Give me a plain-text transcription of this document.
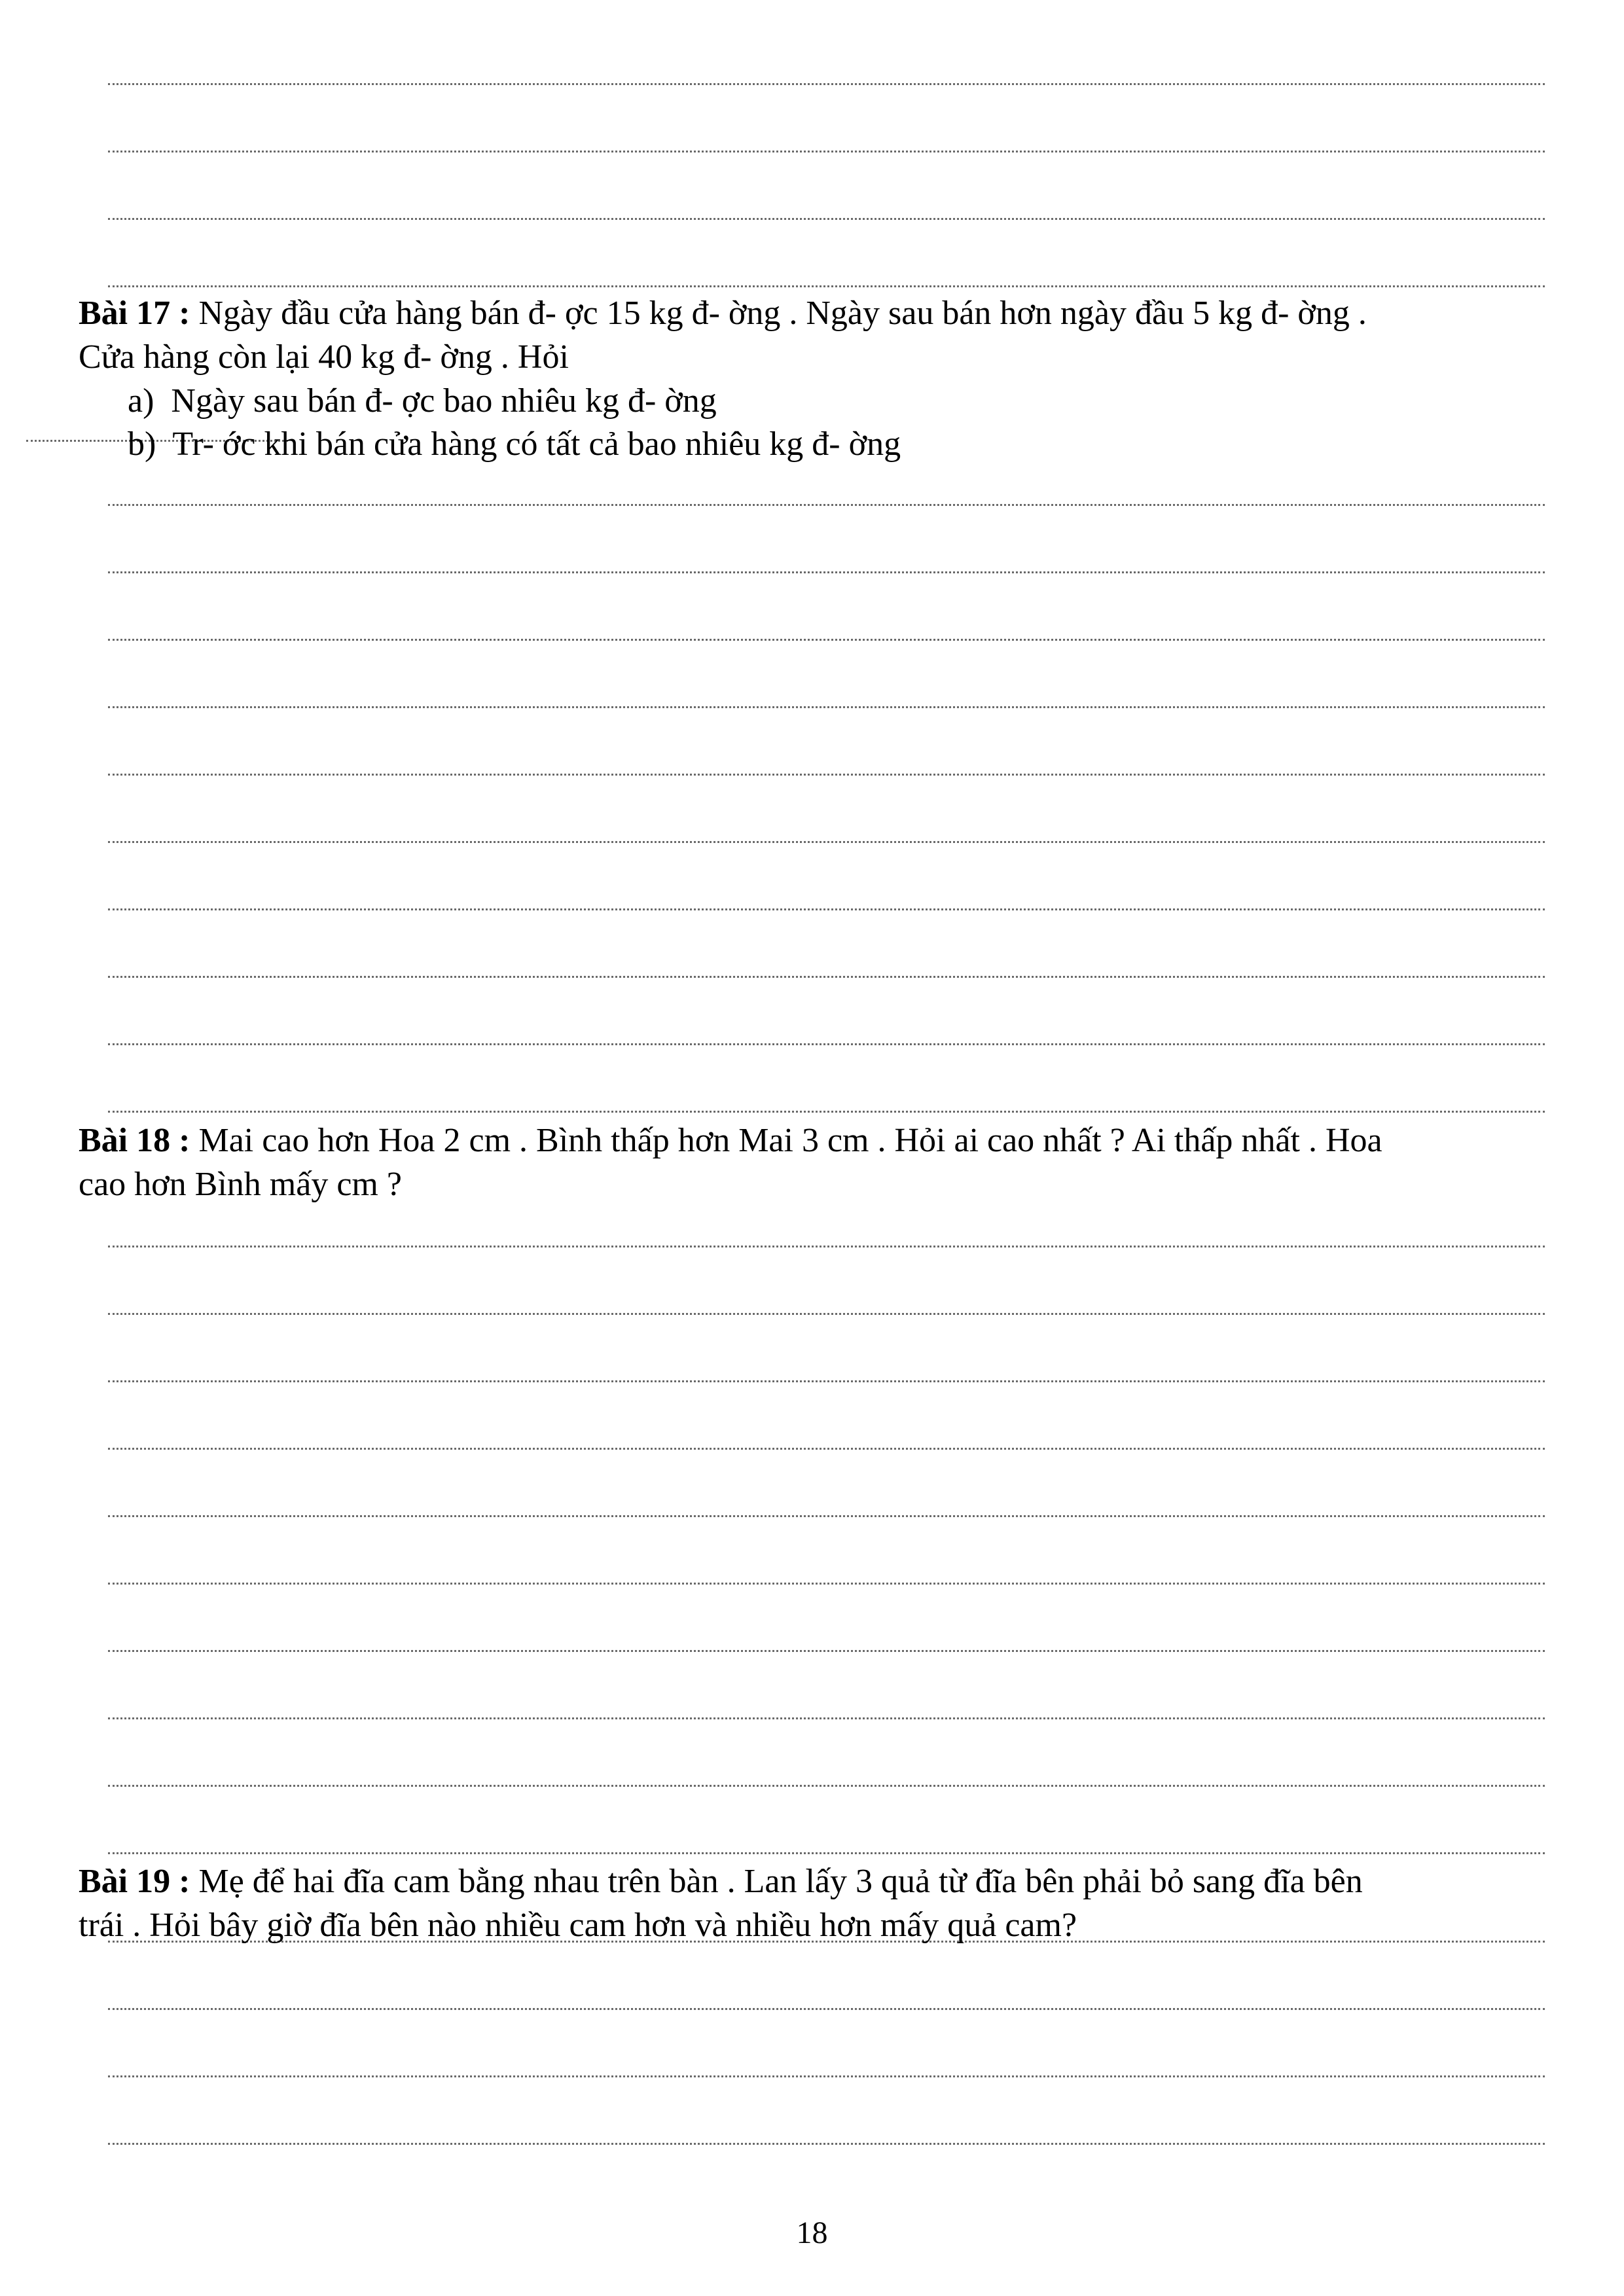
Bài 17 : Ngày đầu cửa hàng bán đ- ợc 15 kg đ- ờng . Ngày sau bán hơn ngày đầu 5 kg đ- ờng .
Cửa hàng còn lại 40 kg đ- ờng . Hỏi
a) Ngày sau bán đ- ợc bao nhiêu kg đ- ờng
b) Tr- ớc khi bán cửa hàng có tất cả bao nhiêu kg đ- ờng
Bài 18 : Mai cao hơn Hoa 2 cm . Bình thấp hơn Mai 3 cm . Hỏi ai cao nhất ? Ai thấp nhất . Hoa
cao hơn Bình mấy cm ?
Bài 19 : Mẹ để hai đĩa cam bằng nhau trên bàn . Lan lấy 3 quả từ đĩa bên phải bỏ sang đĩa bên
trái . Hỏi bây giờ đĩa bên nào nhiều cam hơn và nhiều hơn mấy quả cam?
18
